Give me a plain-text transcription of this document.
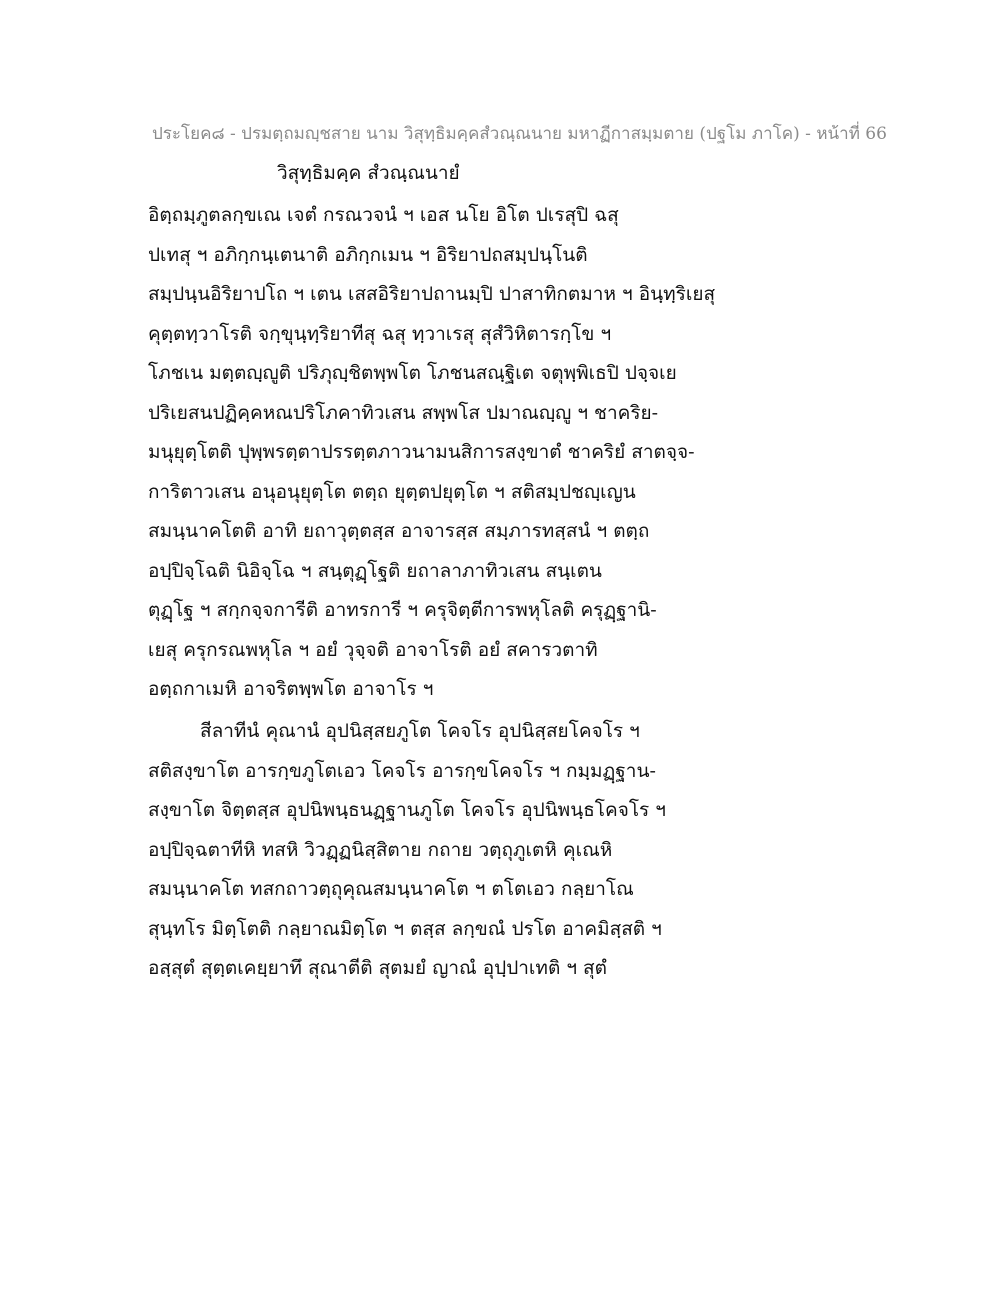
ประโยค๘ - ปรมตฺถมญฺชสาย นาม วิสุทฺธิมคฺคสํวณฺณนาย มหาฏีกาสมฺมตาย (ปฐโม ภาโค) - หน้าที่ 66
วิสุทฺธิมคฺค สํวณฺณนายํ
อิตฺถมฺภูตลกฺขเณ เจตํ กรณวจนํ ฯ เอส นโย อิโต ปเรสุปิ ฉสุ
ปเทสุ ฯ อภิกฺกนฺเตนาติ อภิกฺกเมน ฯ อิริยาปถสมฺปนฺโนติ
สมฺปนฺนอิริยาปโถ ฯ เตน เสสอิริยาปถานมฺปิ ปาสาทิกตมาห ฯ อินฺทฺริเยสุ
คุตฺตทฺวาโรติ จกฺขุนฺทฺริยาทีสุ ฉสุ ทฺวาเรสุ สุสํวิหิตารกฺโข ฯ
โภชเน มตฺตญฺญูติ ปริภุญฺชิตพฺพโต โภชนสณฺฐิเต จตุพฺพิเธปิ ปจฺจเย
ปริเยสนปฏิคฺคหณปริโภคาทิวเสน สพฺพโส ปมาณญฺญู ฯ ชาคริย-
มนุยุตฺโตติ ปุพฺพรตฺตาปรรตฺตภาวนามนสิการสงฺขาตํ ชาคริยํ สาตจฺจ-
การิตาวเสน อนุอนุยุตฺโต ตตฺถ ยุตฺตปยุตฺโต ฯ สติสมฺปชญฺเญน
สมนฺนาคโตติ อาทิ ยถาวุตฺตสฺส อาจารสฺส สมฺภารทสฺสนํ ฯ ตตฺถ
อปฺปิจฺโฉติ นิอิจฺโฉ ฯ สนฺตุฏฺโฐติ ยถาลาภาทิวเสน สนฺเตน
ตุฏฺโฐ ฯ สกฺกจฺจการีติ อาทรการี ฯ ครุจิตฺตีการพหุโลติ ครุฏฺฐานิ-
เยสุ ครุกรณพหุโล ฯ อยํ วุจฺจติ อาจาโรติ อยํ สคารวตาทิ
อตฺถกาเมหิ อาจริตพฺพโต อาจาโร ฯ
สีลาทีนํ คุณานํ อุปนิสฺสยภูโต โคจโร อุปนิสฺสยโคจโร ฯ
สติสงฺขาโต อารกฺขภูโตเอว โคจโร อารกฺขโคจโร ฯ กมฺมฏฺฐาน-
สงฺขาโต จิตฺตสฺส อุปนิพนฺธนฏฺฐานภูโต โคจโร อุปนิพนฺธโคจโร ฯ
อปฺปิจฺฉตาทีหิ ทสหิ วิวฏฺฏนิสฺสิตาย กถาย วตฺถุภูเตหิ คุเณหิ
สมนฺนาคโต ทสกถาวตฺถุคุณสมนฺนาคโต ฯ ตโตเอว กลฺยาโณ
สุนฺทโร มิตฺโตติ กลฺยาณมิตฺโต ฯ ตสฺส ลกฺขณํ ปรโต อาคมิสฺสติ ฯ
อสฺสุตํ สุตฺตเคยฺยาทึ สุณาตีติ สุตมยํ ญาณํ อุปฺปาเทติ ฯ สุตํ
